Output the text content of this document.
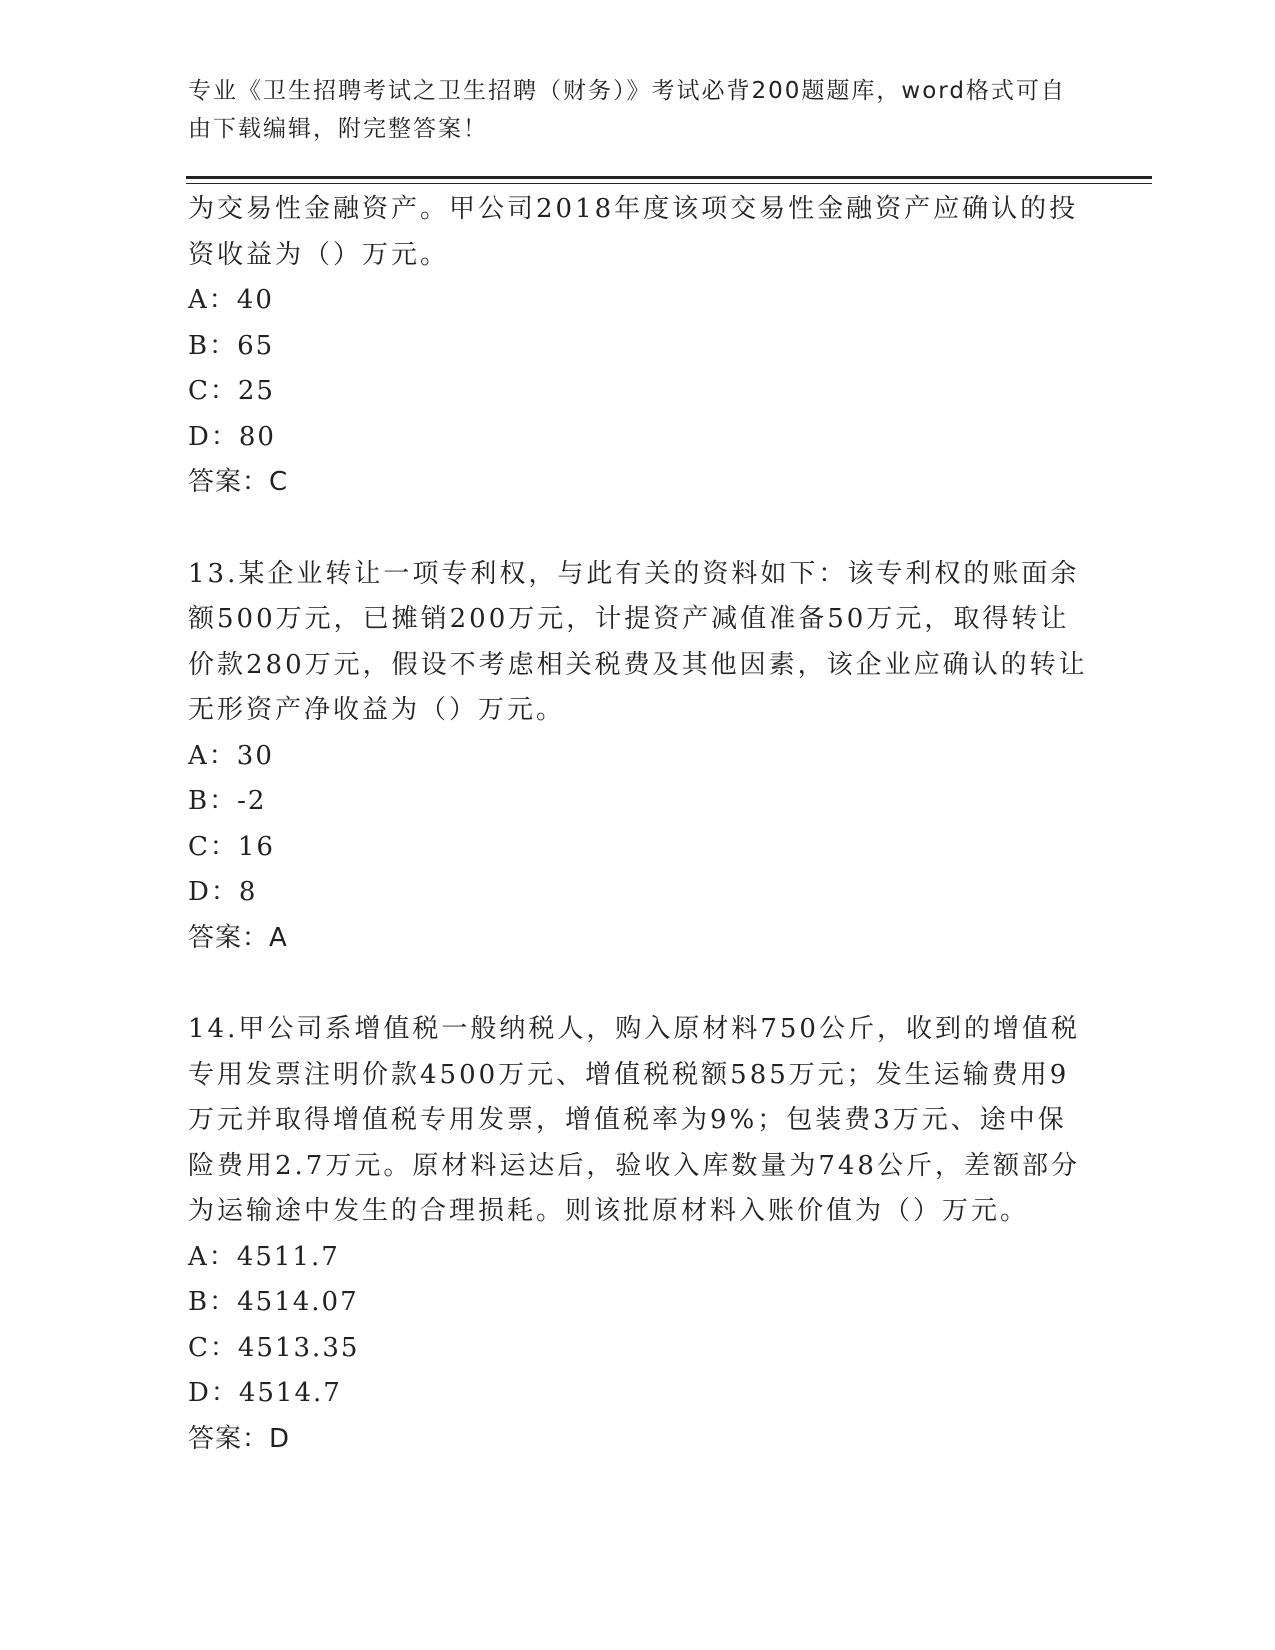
专业《卫生招聘考试之卫生招聘（财务）》考试必背200题题库，word格式可自由下载编辑，附完整答案！

为交易性金融资产。甲公司2018年度该项交易性金融资产应确认的投资收益为（）万元。

A：40

B：65

C：25

D：80

答案：C

13.某企业转让一项专利权，与此有关的资料如下：该专利权的账面余额500万元，已摊销200万元，计提资产减值准备50万元，取得转让价款280万元，假设不考虑相关税费及其他因素，该企业应确认的转让无形资产净收益为（）万元。

A：30

B：-2

C：16

D：8

答案：A

14.甲公司系增值税一般纳税人，购入原材料750公斤，收到的增值税专用发票注明价款4500万元、增值税税额585万元；发生运输费用9万元并取得增值税专用发票，增值税率为9%；包装费3万元、途中保险费用2.7万元。原材料运达后，验收入库数量为748公斤，差额部分为运输途中发生的合理损耗。则该批原材料入账价值为（）万元。

A：4511.7

B：4514.07

C：4513.35

D：4514.7

答案：D
